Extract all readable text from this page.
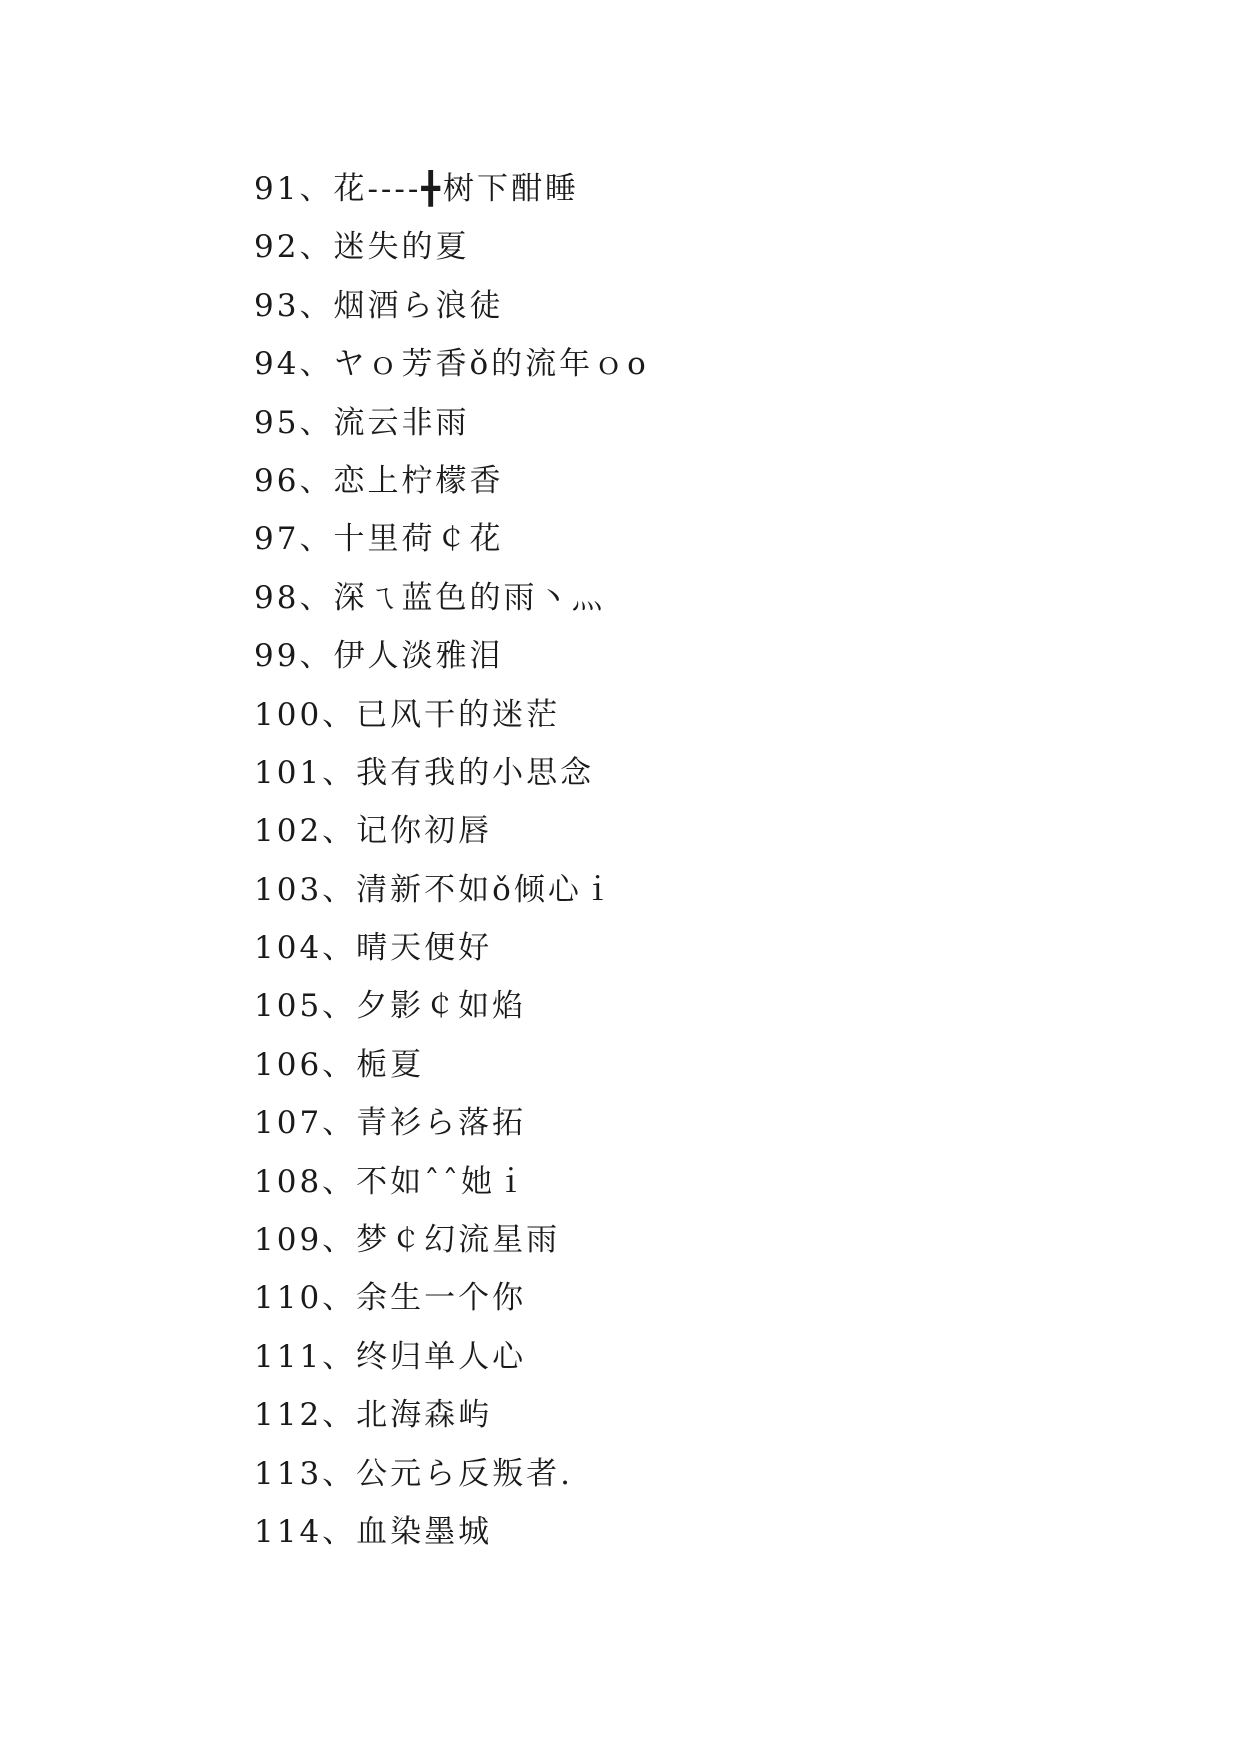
91、花----╋树下酣睡
92、迷失的夏
93、烟酒ら浪徒
94、ヤｏ芳香ǒ的流年ｏo
95、流云非雨
96、恋上柠檬香
97、十里荷￠花
98、深ㄟ蓝色的雨丶灬
99、伊人淡雅泪
100、已风干的迷茫
101、我有我的小思念
102、记你初唇
103、清新不如ǒ倾心ｉ
104、晴天便好
105、夕影￠如焰
106、栀夏
107、青衫ら落拓
108、不如ˆˆ她ｉ
109、梦￠幻流星雨
110、余生一个你
111、终归单人心
112、北海森屿
113、公元ら反叛者.
114、血染墨城
